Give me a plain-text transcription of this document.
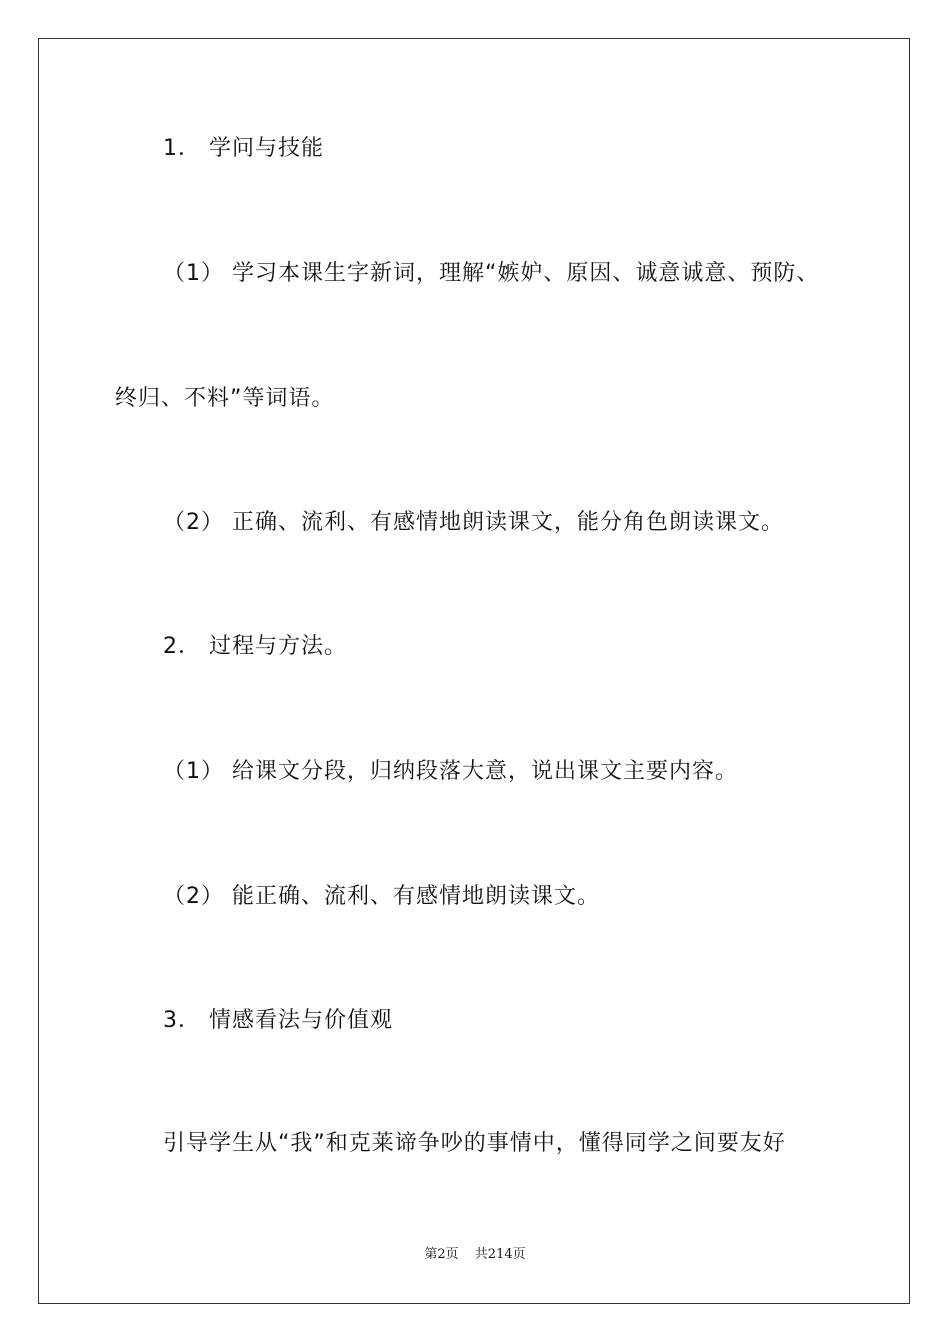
1． 学问与技能
（1） 学习本课生字新词，理解“嫉妒、原因、诚意诚意、预防、
终归、不料”等词语。
（2） 正确、流利、有感情地朗读课文，能分角色朗读课文。
2． 过程与方法。
（1） 给课文分段，归纳段落大意，说出课文主要内容。
（2） 能正确、流利、有感情地朗读课文。
3． 情感看法与价值观
引导学生从“我”和克莱谛争吵的事情中，懂得同学之间要友好
第2页 共214页
